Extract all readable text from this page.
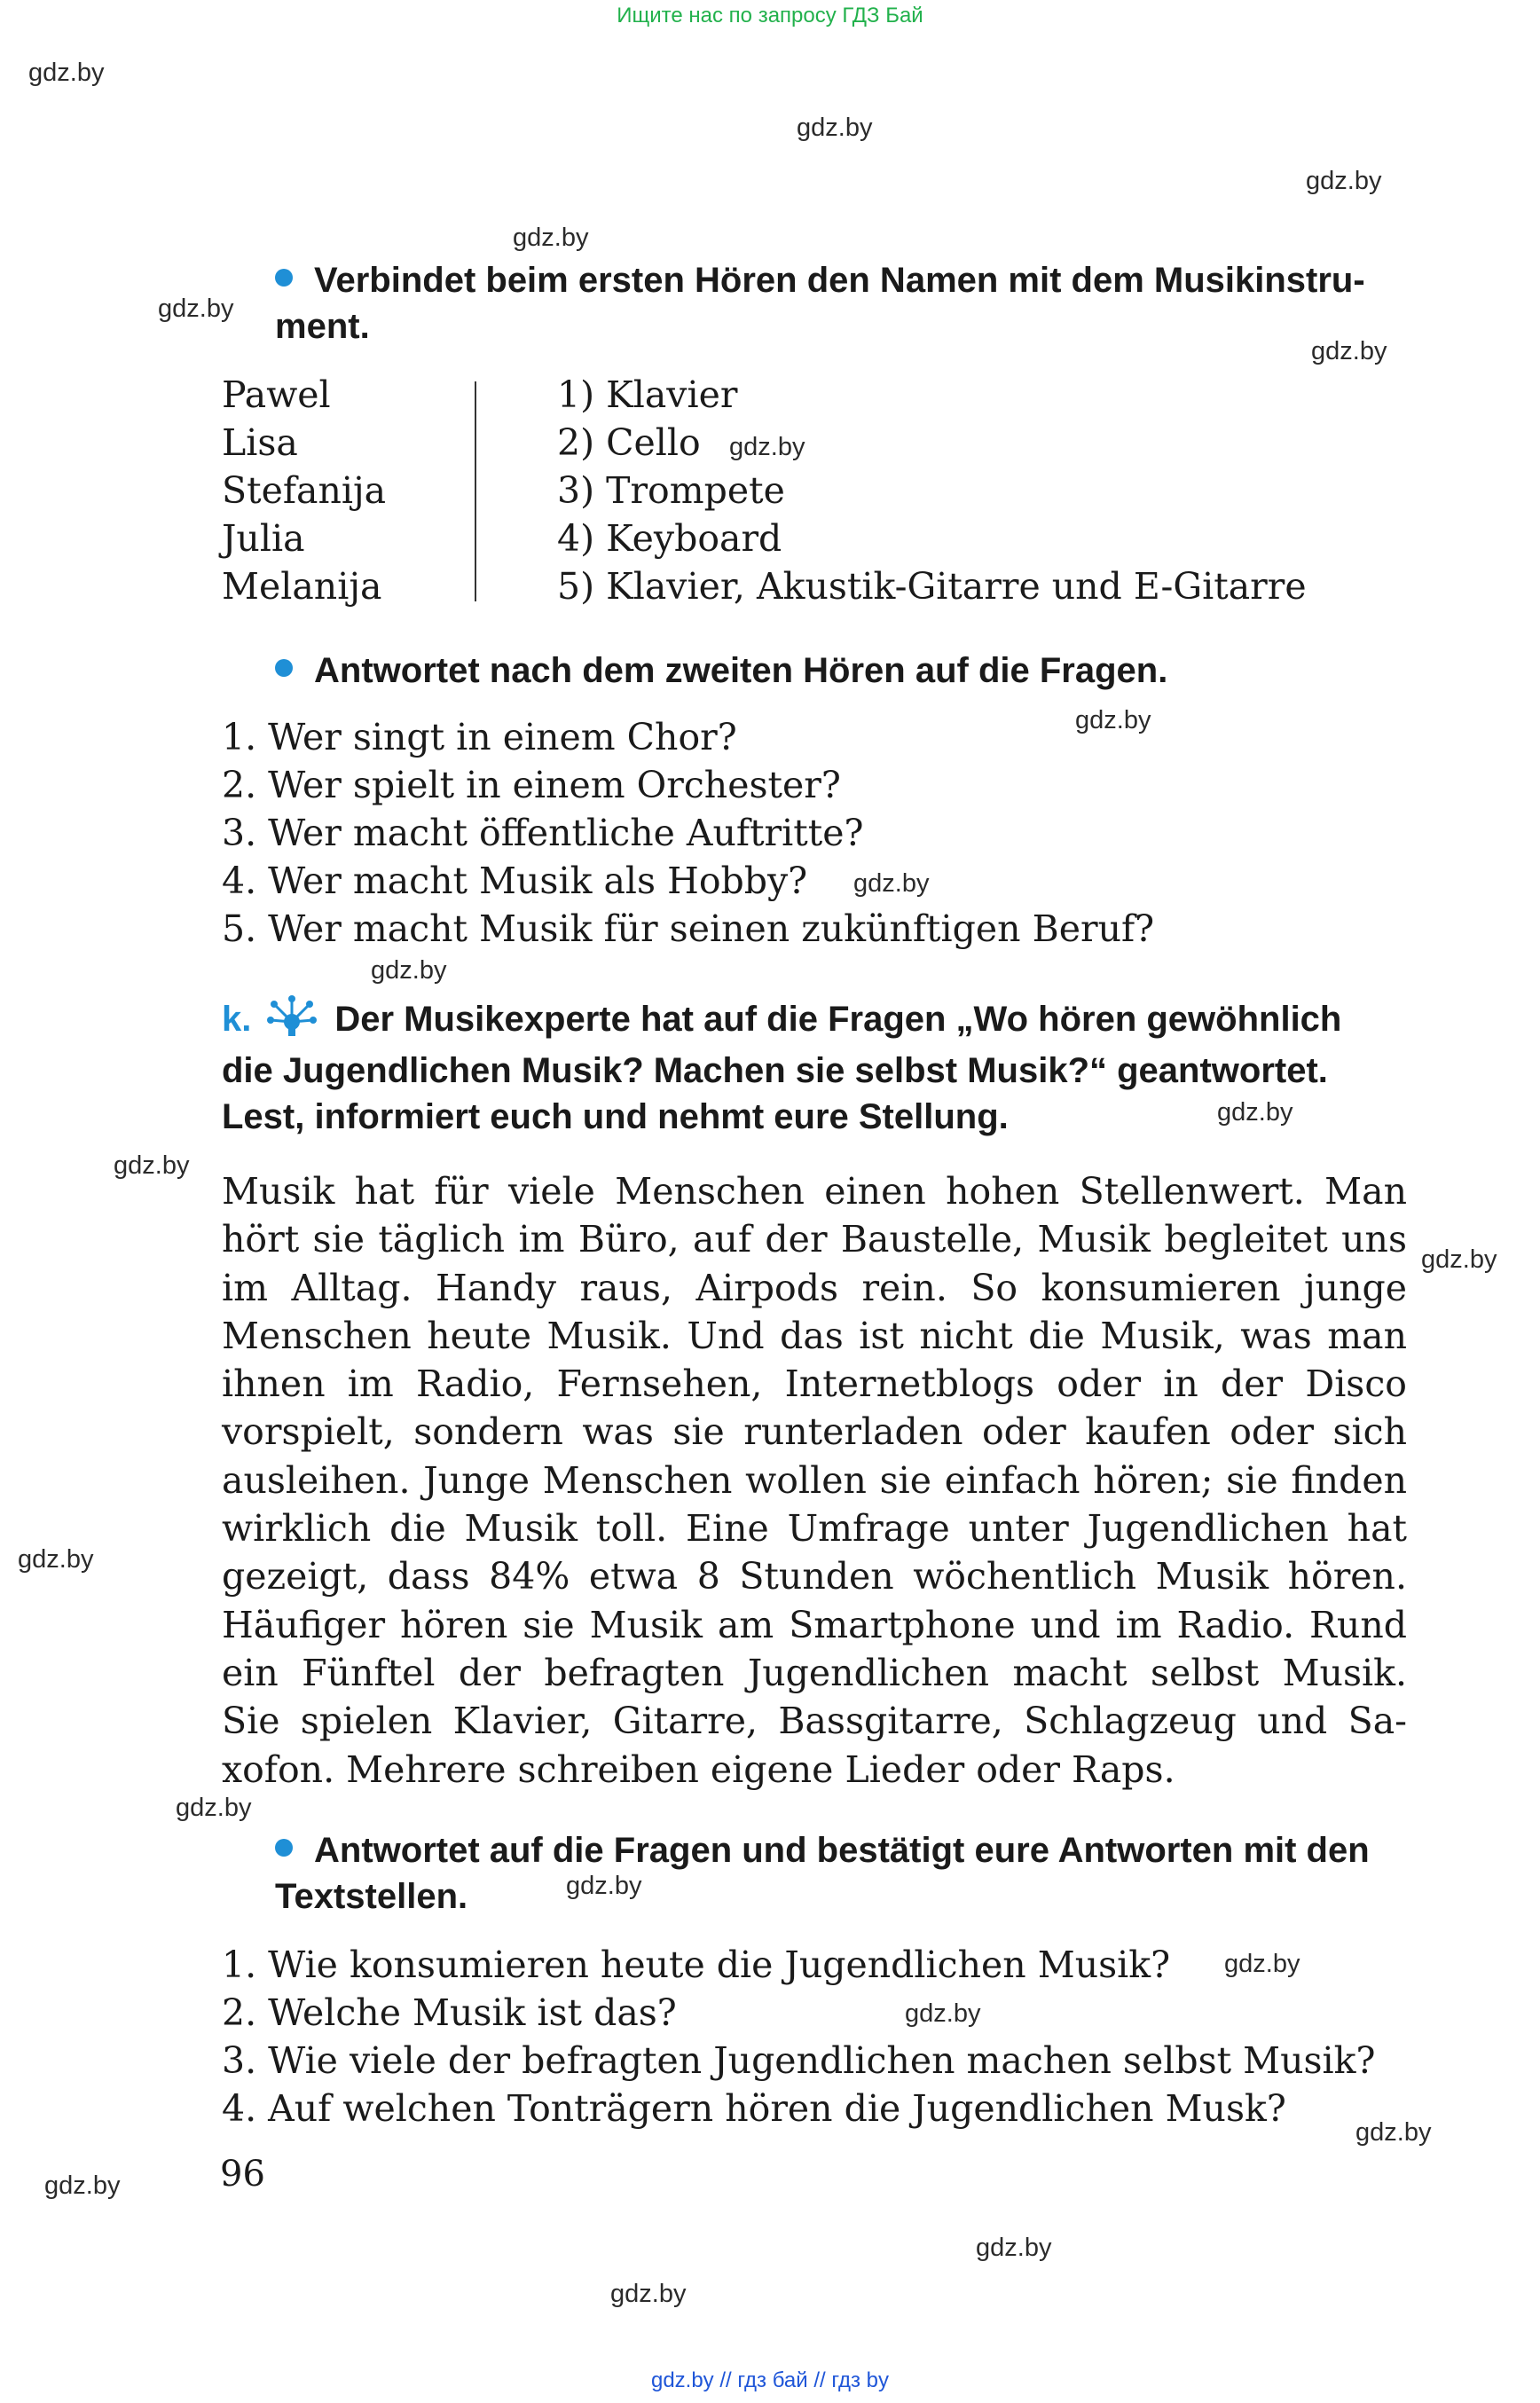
Ищите нас по запросу ГДЗ Бай
gdz.by
gdz.by
gdz.by
gdz.by
gdz.by
gdz.by
gdz.by
gdz.by
gdz.by
gdz.by
gdz.by
gdz.by
gdz.by
gdz.by
gdz.by
gdz.by
gdz.by
gdz.by
gdz.by
gdz.by
gdz.by
gdz.by
Verbindet beim ersten Hören den Namen mit dem Musikinstru-
ment.
Pawel
Lisa
Stefanija
Julia
Melanija
1) Klavier
2) Cello
3) Trompete
4) Keyboard
5) Klavier, Akustik-Gitarre und E-Gitarre
Antwortet nach dem zweiten Hören auf die Fragen.
1. Wer singt in einem Chor?
2. Wer spielt in einem Orchester?
3. Wer macht öffentliche Auftritte?
4. Wer macht Musik als Hobby?
5. Wer macht Musik für seinen zukünftigen Beruf?
k. Der Musikexperte hat auf die Fragen „Wo hören gewöhnlich
die Jugendlichen Musik? Machen sie selbst Musik?“ geantwortet.
Lest, informiert euch und nehmt eure Stellung.
Musik hat für viele Menschen einen hohen Stellenwert. Man
hört sie täglich im Büro, auf der Baustelle, Musik begleitet uns
im Alltag. Handy raus, Airpods rein. So konsumieren junge
Menschen heute Musik. Und das ist nicht die Musik, was man
ihnen im Radio, Fernsehen, Internetblogs oder in der Disco
vorspielt, sondern was sie runterladen oder kaufen oder sich
ausleihen. Junge Menschen wollen sie einfach hören; sie finden
wirklich die Musik toll. Eine Umfrage unter Jugendlichen hat
gezeigt, dass 84% etwa 8 Stunden wöchentlich Musik hören.
Häufiger hören sie Musik am Smartphone und im Radio. Rund
ein Fünftel der befragten Jugendlichen macht selbst Musik.
Sie spielen Klavier, Gitarre, Bassgitarre, Schlagzeug und Sa-
xofon. Mehrere schreiben eigene Lieder oder Raps.
Antwortet auf die Fragen und bestätigt eure Antworten mit den
Textstellen.
1. Wie konsumieren heute die Jugendlichen Musik?
2. Welche Musik ist das?
3. Wie viele der befragten Jugendlichen machen selbst Musik?
4. Auf welchen Tonträgern hören die Jugendlichen Musk?
96
gdz.by // гдз бай // гдз by
